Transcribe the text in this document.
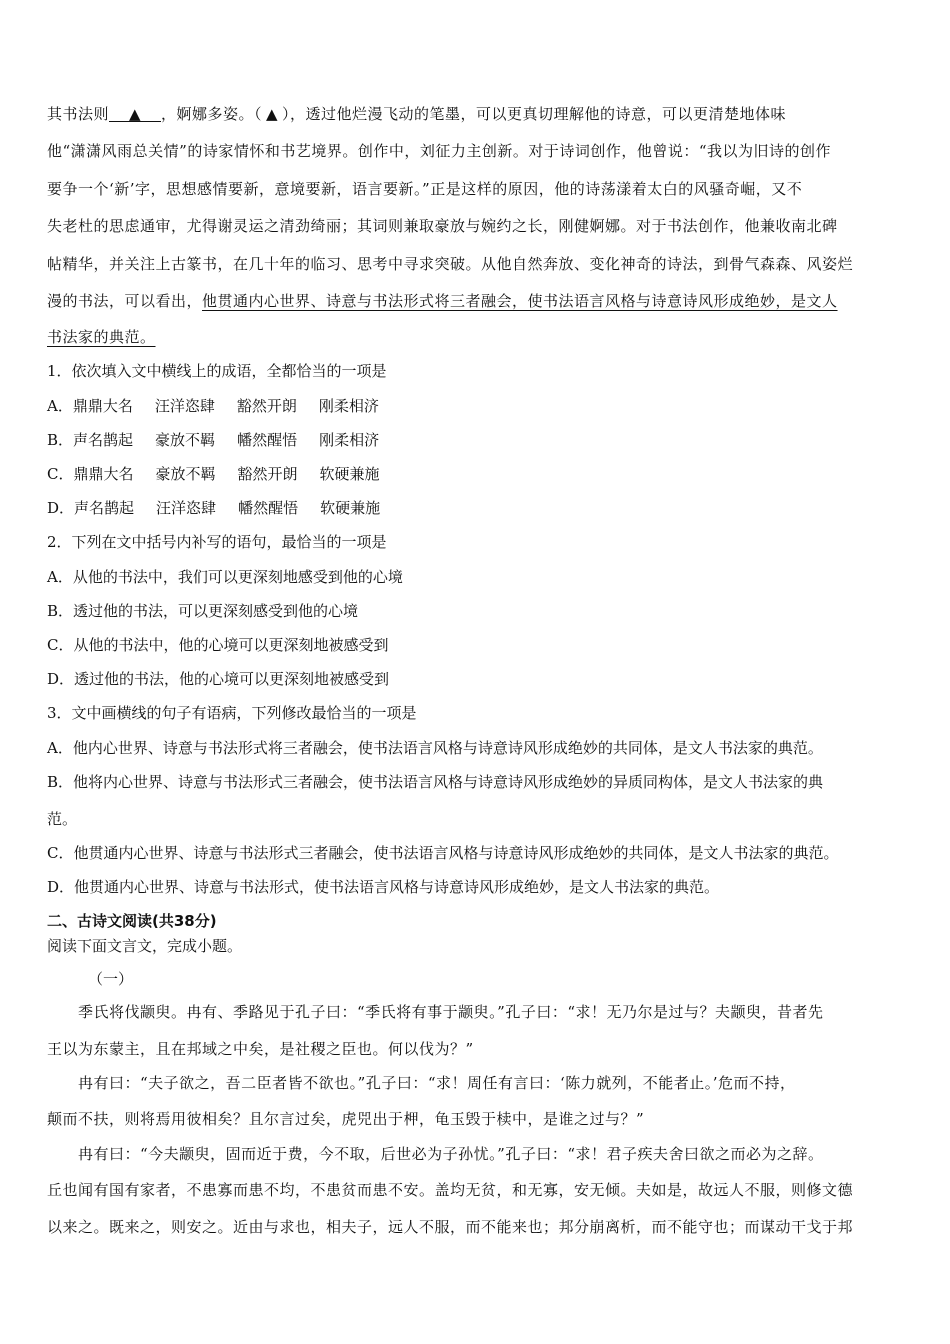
其书法则 ▲ ，婀娜多姿。（ ▲ ），透过他烂漫飞动的笔墨，可以更真切理解他的诗意，可以更清楚地体味
他“潇潇风雨总关情”的诗家情怀和书艺境界。创作中，刘征力主创新。对于诗词创作，他曾说：“我以为旧诗的创作
要争一个‘新’字，思想感情要新，意境要新，语言要新。”正是这样的原因，他的诗荡漾着太白的风骚奇崛，又不
失老杜的思虑通审，尤得谢灵运之清劲绮丽；其词则兼取豪放与婉约之长，刚健婀娜。对于书法创作，他兼收南北碑
帖精华，并关注上古篆书，在几十年的临习、思考中寻求突破。从他自然奔放、变化神奇的诗法，到骨气森森、风姿烂
漫的书法，可以看出，他贯通内心世界、诗意与书法形式将三者融会，使书法语言风格与诗意诗风形成绝妙，是文人
书法家的典范。
1．依次填入文中横线上的成语，全都恰当的一项是
A．鼎鼎大名 汪洋恣肆 豁然开朗 刚柔相济
B．声名鹊起 豪放不羁 幡然醒悟 刚柔相济
C．鼎鼎大名 豪放不羁 豁然开朗 软硬兼施
D．声名鹊起 汪洋恣肆 幡然醒悟 软硬兼施
2．下列在文中括号内补写的语句，最恰当的一项是
A．从他的书法中，我们可以更深刻地感受到他的心境
B．透过他的书法，可以更深刻感受到他的心境
C．从他的书法中，他的心境可以更深刻地被感受到
D．透过他的书法，他的心境可以更深刻地被感受到
3．文中画横线的句子有语病，下列修改最恰当的一项是
A．他内心世界、诗意与书法形式将三者融会，使书法语言风格与诗意诗风形成绝妙的共同体，是文人书法家的典范。
B．他将内心世界、诗意与书法形式三者融会，使书法语言风格与诗意诗风形成绝妙的异质同构体，是文人书法家的典
范。
C．他贯通内心世界、诗意与书法形式三者融会，使书法语言风格与诗意诗风形成绝妙的共同体，是文人书法家的典范。
D．他贯通内心世界、诗意与书法形式，使书法语言风格与诗意诗风形成绝妙，是文人书法家的典范。
二、古诗文阅读(共38分)
阅读下面文言文，完成小题。
（一）
季氏将伐颛臾。冉有、季路见于孔子曰：“季氏将有事于颛臾。”孔子曰：“求！无乃尔是过与？夫颛臾，昔者先
王以为东蒙主，且在邦域之中矣，是社稷之臣也。何以伐为？”
冉有曰：“夫子欲之，吾二臣者皆不欲也。”孔子曰：“求！周任有言曰：‘陈力就列，不能者止。’危而不持，
颠而不扶，则将焉用彼相矣？且尔言过矣，虎兕出于柙，龟玉毁于椟中，是谁之过与？”
冉有曰：“今夫颛臾，固而近于费，今不取，后世必为子孙忧。”孔子曰：“求！君子疾夫舍曰欲之而必为之辞。
丘也闻有国有家者，不患寡而患不均，不患贫而患不安。盖均无贫，和无寡，安无倾。夫如是，故远人不服，则修文德
以来之。既来之，则安之。近由与求也，相夫子，远人不服，而不能来也；邦分崩离析，而不能守也；而谋动干戈于邦
